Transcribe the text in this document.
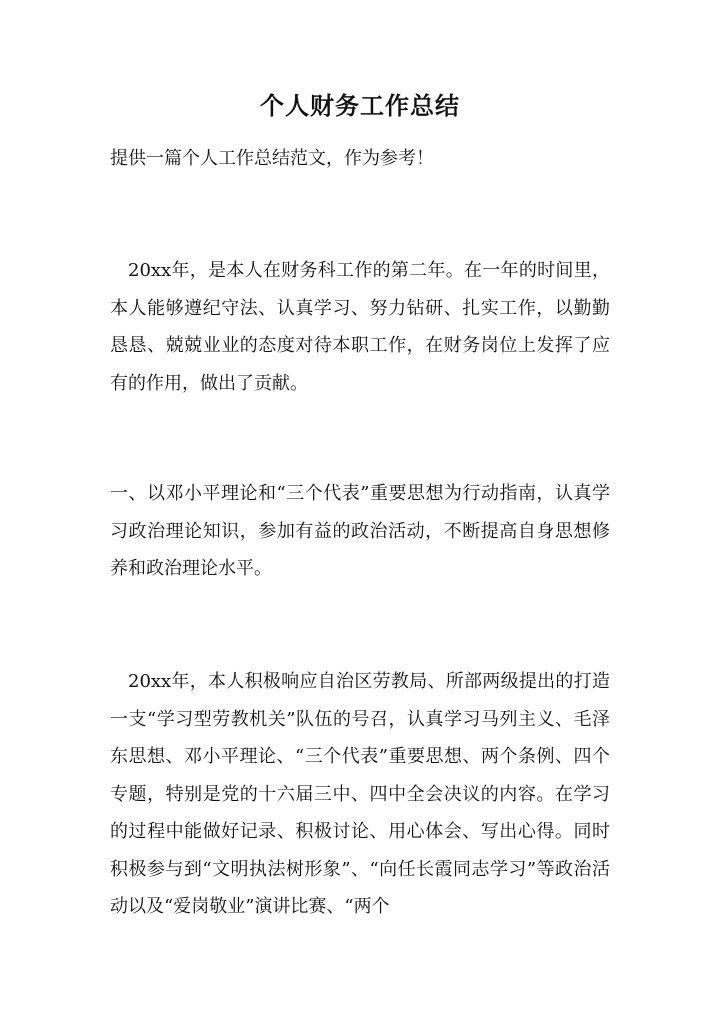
个人财务工作总结

提供一篇个人工作总结范文，作为参考！

20xx年，是本人在财务科工作的第二年。在一年的时间里，本人能够遵纪守法、认真学习、努力钻研、扎实工作，以勤勤恳恳、兢兢业业的态度对待本职工作，在财务岗位上发挥了应有的作用，做出了贡献。

一、以邓小平理论和“三个代表”重要思想为行动指南，认真学习政治理论知识，参加有益的政治活动，不断提高自身思想修养和政治理论水平。

20xx年，本人积极响应自治区劳教局、所部两级提出的打造一支“学习型劳教机关”队伍的号召，认真学习马列主义、毛泽东思想、邓小平理论、“三个代表”重要思想、两个条例、四个专题，特别是党的十六届三中、四中全会决议的内容。在学习的过程中能做好记录、积极讨论、用心体会、写出心得。同时积极参与到“文明执法树形象”、“向任长霞同志学习”等政治活动以及“爱岗敬业”演讲比赛、“两个
